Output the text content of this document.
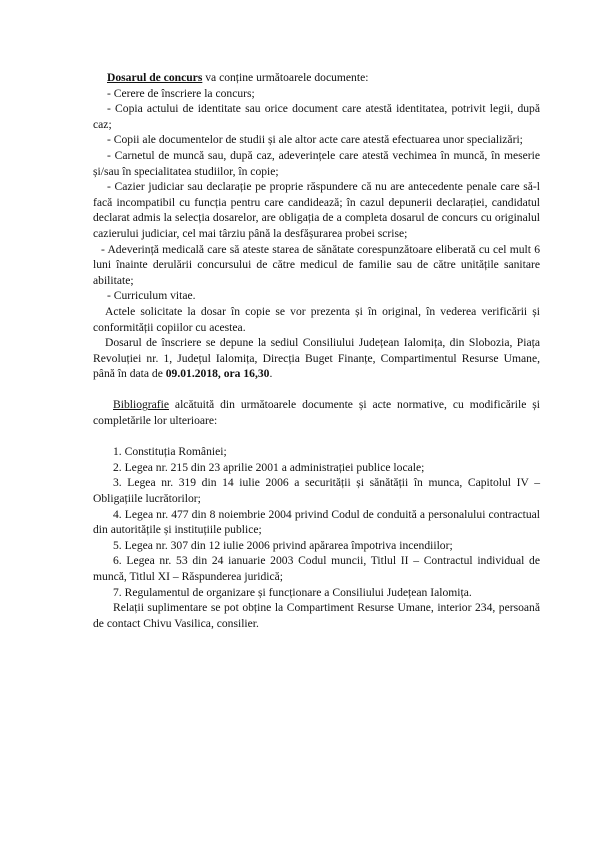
Dosarul de concurs va conține următoarele documente:

- Cerere de înscriere la concurs;

- Copia actului de identitate sau orice document care atestă identitatea, potrivit legii, după caz;

- Copii ale documentelor de studii și ale altor acte care atestă efectuarea unor specializări;

- Carnetul de muncă sau, după caz, adeverințele care atestă vechimea în muncă, în meserie și/sau în specialitatea studiilor, în copie;

- Cazier judiciar sau declarație pe proprie răspundere că nu are antecedente penale care să-l facă incompatibil cu funcția pentru care candidează; în cazul depunerii declarației, candidatul declarat admis la selecția dosarelor, are obligația de a completa dosarul de concurs cu originalul cazierului judiciar, cel mai târziu până la desfășurarea probei scrise;

- Adeverință medicală care să ateste starea de sănătate corespunzătoare eliberată cu cel mult 6 luni înainte derulării concursului de către medicul de familie sau de către unitățile sanitare abilitate;

- Curriculum vitae.

Actele solicitate la dosar în copie se vor prezenta și în original, în vederea verificării și conformității copiilor cu acestea.

Dosarul de înscriere se depune la sediul Consiliului Județean Ialomița, din Slobozia, Piața Revoluției nr. 1, Județul Ialomița, Direcția Buget Finanțe, Compartimentul Resurse Umane, până în data de 09.01.2018, ora 16,30.

Bibliografie alcătuită din următoarele documente și acte normative, cu modificările și completările lor ulterioare:

1. Constituția României;

2. Legea nr. 215 din 23 aprilie 2001 a administrației publice locale;

3. Legea nr. 319 din 14 iulie 2006 a securității și sănătății în munca, Capitolul IV – Obligațiile lucrătorilor;

4. Legea nr. 477 din 8 noiembrie 2004 privind Codul de conduită a personalului contractual din autoritățile și instituțiile publice;

5. Legea nr. 307 din 12 iulie 2006 privind apărarea împotriva incendiilor;

6. Legea nr. 53 din 24 ianuarie 2003 Codul muncii, Titlul II – Contractul individual de muncă, Titlul XI – Răspunderea juridică;

7. Regulamentul de organizare și funcționare a Consiliului Județean Ialomița.

Relații suplimentare se pot obține la Compartiment Resurse Umane, interior 234, persoană de contact Chivu Vasilica, consilier.
